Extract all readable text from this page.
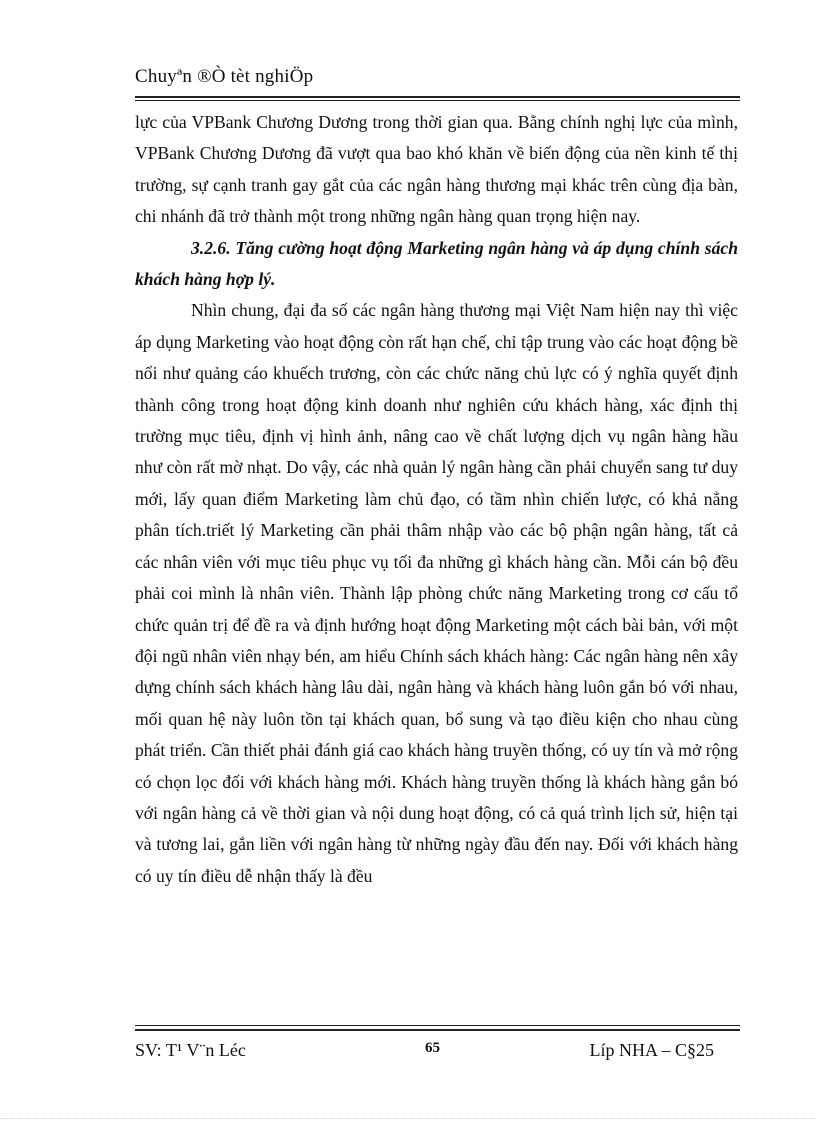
Chuyªn ®Ò tèt nghiÖp

lực của VPBank Chương Dương trong thời gian qua. Bằng chính nghị lực của mình, VPBank Chương Dương đã vượt qua bao khó khăn về biến động của nền kinh tế thị trường, sự cạnh tranh gay gắt của các ngân hàng thương mại khác trên cùng địa bàn, chi nhánh đã trở thành một trong những ngân hàng quan trọng hiện nay.

3.2.6. Tăng cường hoạt động Marketing ngân hàng và áp dụng chính sách khách hàng hợp lý.

Nhìn chung, đại đa số các ngân hàng thương mại Việt Nam hiện nay thì việc áp dụng Marketing vào hoạt động còn rất hạn chế, chỉ tập trung vào các hoạt động bề nổi như quảng cáo khuếch trương, còn các chức năng chủ lực có ý nghĩa quyết định thành công trong hoạt động kinh doanh như nghiên cứu khách hàng, xác định thị trường mục tiêu, định vị hình ảnh, nâng cao về chất lượng dịch vụ ngân hàng hầu như còn rất mờ nhạt. Do vậy, các nhà quản lý ngân hàng cần phải chuyển sang tư duy mới, lấy quan điểm Marketing làm chủ đạo, có tầm nhìn chiến lược, có khả nẳng phân tích.triết lý Marketing cần phải thâm nhập vào các bộ phận ngân hàng, tất cả các nhân viên với mục tiêu phục vụ tối đa những gì khách hàng cần. Mỗi cán bộ đều phải coi mình là nhân viên. Thành lập phòng chức năng Marketing trong cơ cấu tổ chức quản trị để đề ra và định hướng hoạt động Marketing một cách bài bản, với một đội ngũ nhân viên nhạy bén, am hiểu Chính sách khách hàng: Các ngân hàng nên xây dựng chính sách khách hàng lâu dài, ngân hàng và khách hàng luôn gắn bó với nhau, mối quan hệ này luôn tồn tại khách quan, bổ sung và tạo điều kiện cho nhau cùng phát triển. Cần thiết phải đánh giá cao khách hàng truyền thống, có uy tín và mở rộng có chọn lọc đối với khách hàng mới. Khách hàng truyền thống là khách hàng gắn bó với ngân hàng cả về thời gian và nội dung hoạt động, có cả quá trình lịch sử, hiện tại và tương lai, gắn liền với ngân hàng từ những ngày đầu đến nay. Đối với khách hàng có uy tín điều dễ nhận thấy là đều

SV: T¹ V¨n Léc	65	Líp NHA – C§25
